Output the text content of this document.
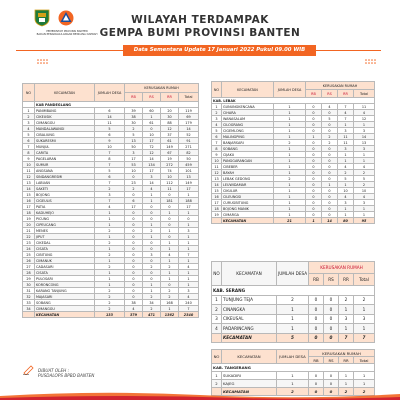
PEMERINTAH PROVINSI BANTEN
BADAN PENANGGULANGAN BENCANA DAERAH
WILAYAH TERDAMPAK
GEMPA BUMI PROVINSI BANTEN
Data Sementara Update 17 Januari 2022 Pukul 09.00 WIB
NO	KECAMATAN	JUMLAH DESA	KERUSAKAN RUMAH			
			RB	RS	RR	Total
	KAB PANDEGLANG					
1	PANIMBANG	6	39	60	20	119
2	CIKEUSIK	14	38	1	30	69
3	CIMANGGU	11	30	61	88	179
4	MANDALAWANGI	5	2	0	12	14
5	CIBALIUNG	6	5	10	37	52
6	SUKARESMI	9	13	17	61	91
7	MUNJUL	10	50	72	149	271
8	CARITA	7	3	12	67	82
9	PAGELARAN	8	17	14	19	50
10	SUMUR	7	53	134	272	459
11	ANGSANA	5	10	17	74	101
12	SINDANGRESMI	6	0	3	10	13
13	LABUAN	7	23	14	112	149
14	SAKETI	2	2	4	11	17
15	BOJONG	3	0	1	0	1
16	CIGEULIS	7	6	1	181	188
17	PATIA	4	17	0	0	17
18	KADUHEJO	1	0	0	1	1
19	PICUNG	1	0	0	0	0
20	CIPEUCANG	1	0	1	0	1
21	MENES	2	0	2	1	3
22	JIPUT	1	0	1	0	1
23	CIKEDAL	2	0	0	1	1
24	CISATA	1	0	0	1	1
25	CIBITUNG	2	0	3	4	7
26	CIMANUK	1	0	0	1	1
27	CADASARI	2	0	2	2	4
28	CISATA	1	0	0	1	1
29	PULOSARI	1	0	0	1	1
30	KORONCONG	1	0	1	0	1
31	KARANG TANJUNG	2	0	1	2	3
32	MAJASARI	2	0	2	2	4
33	SOBANG	2	38	34	168	240
34	CIMANGGU	2	4	2	1	7
	KECAMATAN	133	379	471	1362	2340
NO	KECAMATAN	JUMLAH DESA	KERUSAKAN RUMAH			
			RB	RS	RR	Total
KAB. LEBAK						
1	GUNUNGKENCANA	1	0	4	7	11
2	CIHARA	1	0	0	4	4
3	WANASALAM	1	0	5	7	12
4	CILOGRANG	1	0	0	1	1
5	CIGEMLONG	1	0	0	3	3
6	MALINGPING	1	1	2	11	14
7	BANJARSARI	2	0	2	11	13
8	SOBANG	1	0	0	3	3
9	CIJAKU	1	0	0	1	1
10	PANGGARANGAN	1	0	0	1	1
11	CIBEBER	1	0	0	4	4
12	BAYAH	1	0	0	2	2
13	LEBAK GEDONG	2	0	0	5	5
14	LEUWIDAMAR	1	0	1	1	2
15	CIKULUR	1	0	0	10	10
16	CILEUNGSI	1	0	0	4	4
17	CURUGBITUNG	1	0	0	3	3
18	BOJONG MANIK	1	0	0	1	1
19	CIMARGA	1	0	0	1	1
	KECAMATAN	21	1	14	80	95
NO	KECAMATAN	JUMLAH DESA	KERUSAKAN RUMAH			
			RB	RS	RR	Total
KAB. SERANG						
1	TUNJUNG TEJA	2	0	0	2	2
2	CINANGKA	1	0	0	1	1
3	CIKEUSAL	1	0	0	3	3
4	PADARINCANG	1	0	0	1	1
	KECAMATAN	5	0	0	7	7
NO	KECAMATAN	JUMLAH DESA	KERUSAKAN RUMAH			
			RB	RS	RR	Total
KAB. TANGERANG						
1	SUKADIRI	1	0	0	1	1
2	KAJEG	1	0	0	1	1
	KECAMATAN	2	0	0	2	2
DIBUAT OLEH :
PUSDALOPS BPBD BANTEN
